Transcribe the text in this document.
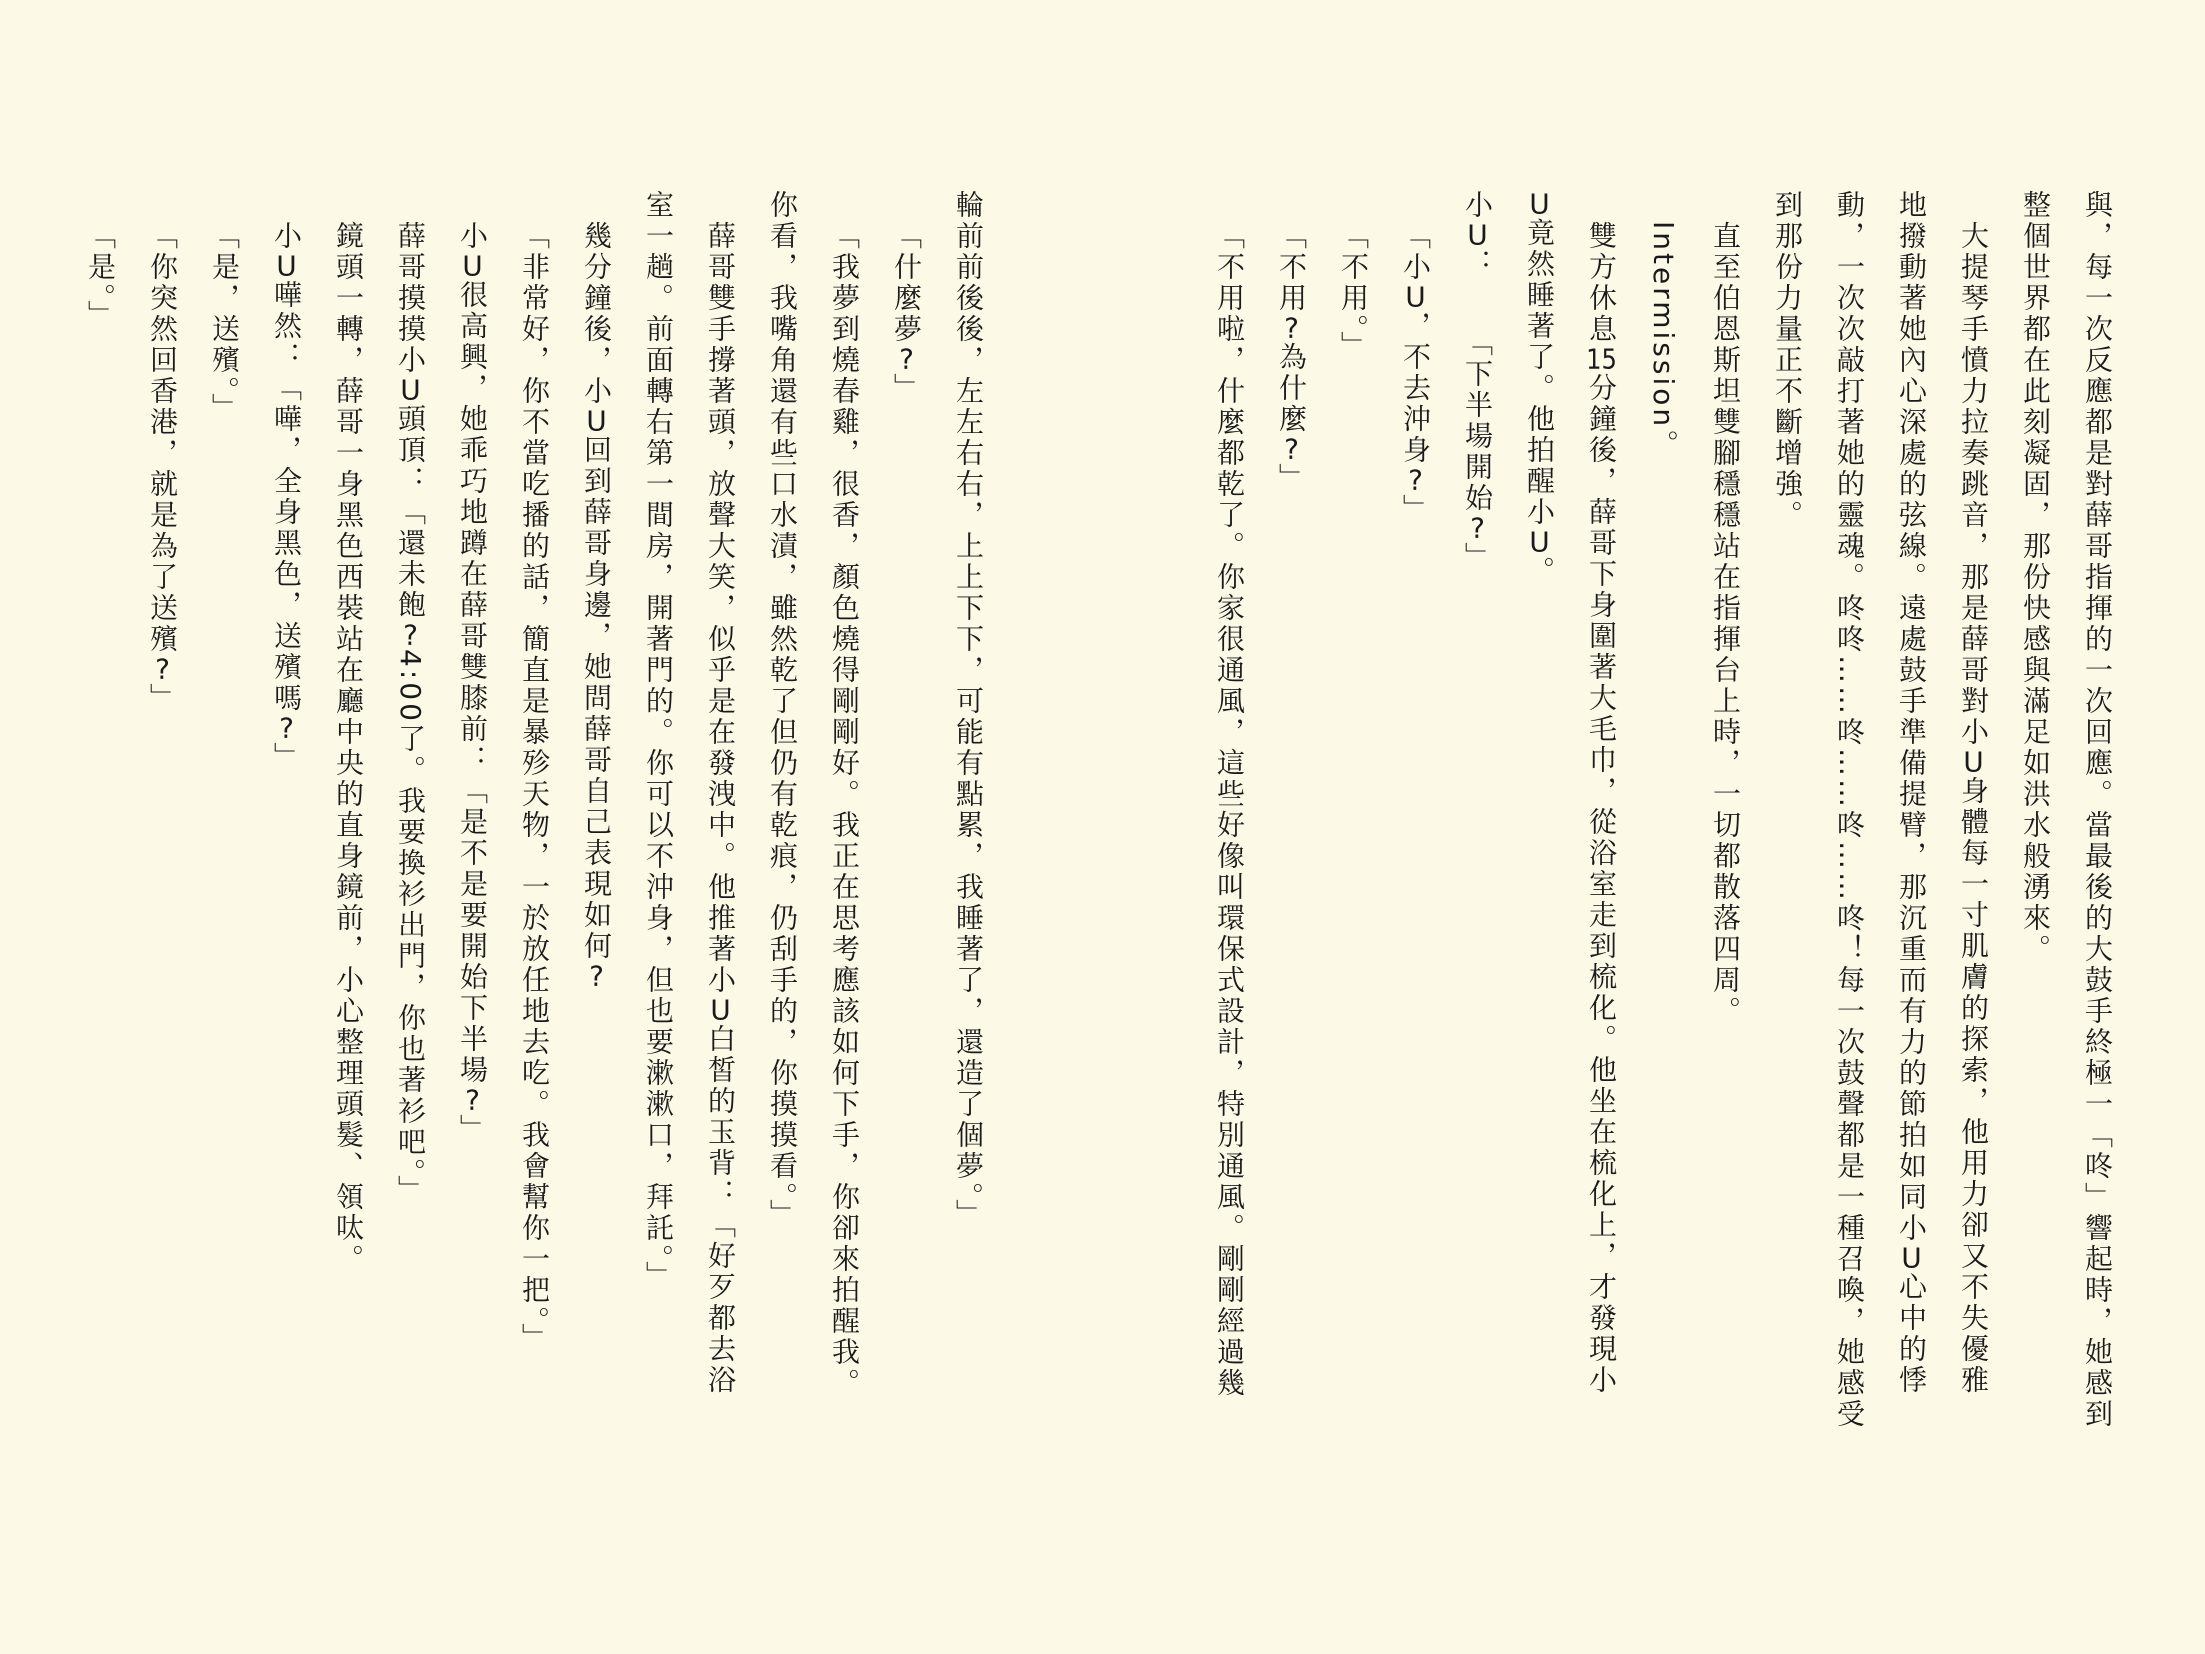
與，每一次反應都是對薛哥指揮的一次回應。當最後的大鼓手終極一「咚」響起時，她感到
整個世界都在此刻凝固，那份快感與滿足如洪水般湧來。
大提琴手憤力拉奏跳音，那是薛哥對小U身體每一寸肌膚的探索，他用力卻又不失優雅
地撥動著她內心深處的弦線。遠處鼓手準備提臂，那沉重而有力的節拍如同小U心中的悸
動，一次次敲打著她的靈魂。咚咚……咚……咚……咚！每一次鼓聲都是一種召喚，她感受
到那份力量正不斷增強。
直至伯恩斯坦雙腳穩穩站在指揮台上時，一切都散落四周。
Intermission。
雙方休息15分鐘後，薛哥下身圍著大毛巾，從浴室走到梳化。他坐在梳化上，才發現小
U竟然睡著了。他拍醒小U。
小U：　　「下半場開始?」
「小U，不去沖身?」
「不用。」
「不用?為什麼?」
「不用啦，什麼都乾了。你家很通風，這些好像叫環保式設計，特別通風。剛剛經過幾
輪前前後後，左左右右，上上下下，可能有點累，我睡著了，還造了個夢。」
「什麼夢?」
「我夢到燒春雞，很香，顏色燒得剛剛好。我正在思考應該如何下手，你卻來拍醒我。
你看，我嘴角還有些口水漬，雖然乾了但仍有乾痕，仍刮手的，你摸摸看。」
薛哥雙手撐著頭，放聲大笑，似乎是在發洩中。他推著小U白皙的玉背：「好歹都去浴
室一趟。前面轉右第一間房，開著門的。你可以不沖身，但也要漱漱口，拜託。」
幾分鐘後，小U回到薛哥身邊，她問薛哥自己表現如何?
「非常好，你不當吃播的話，簡直是暴殄天物，一於放任地去吃。我會幫你一把。」
小U很高興，她乖巧地蹲在薛哥雙膝前：「是不是要開始下半場?」
薛哥摸摸小U頭頂：「還未飽?4:00了。我要換衫出門，你也著衫吧。」
鏡頭一轉，薛哥一身黑色西裝站在廳中央的直身鏡前，小心整理頭髮、領呔。
小U嘩然：「嘩，全身黑色，送殯嗎?」
「是，送殯。」
「你突然回香港，就是為了送殯?」
「是。」
